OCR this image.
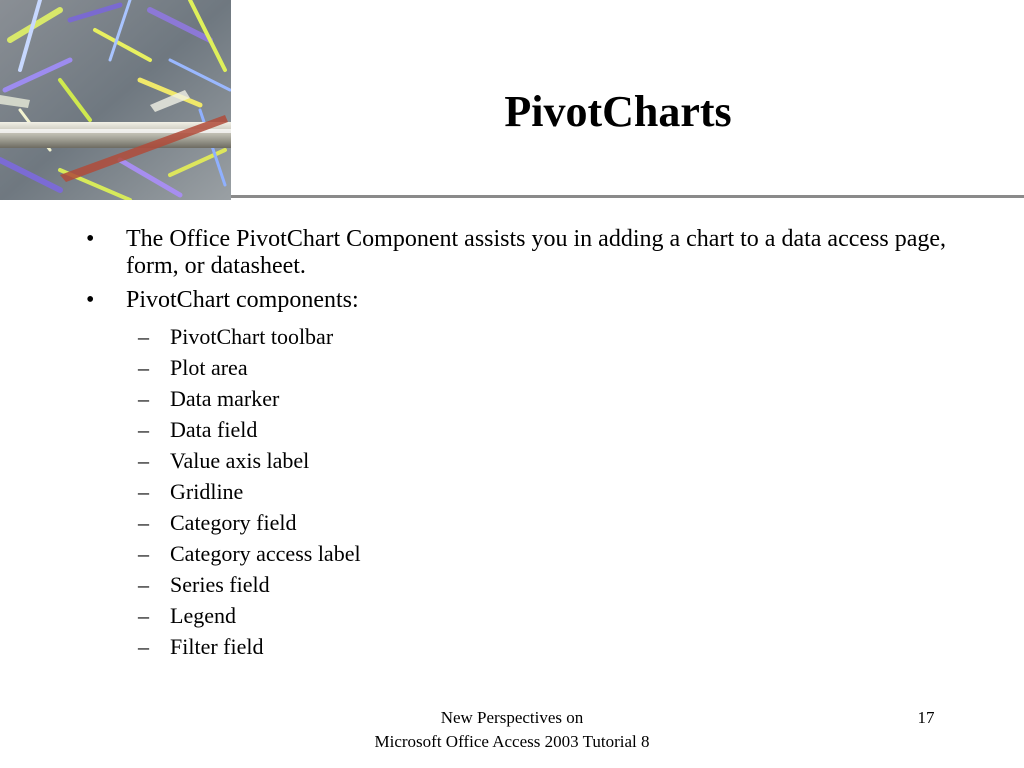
PivotCharts
•	The Office PivotChart Component assists you in adding a chart to a data access page, form, or datasheet.
•	PivotChart components:
– PivotChart toolbar
– Plot area
– Data marker
– Data field
– Value axis label
– Gridline
– Category field
– Category access label
– Series field
– Legend
– Filter field
New Perspectives on
Microsoft Office Access 2003 Tutorial 8
17
